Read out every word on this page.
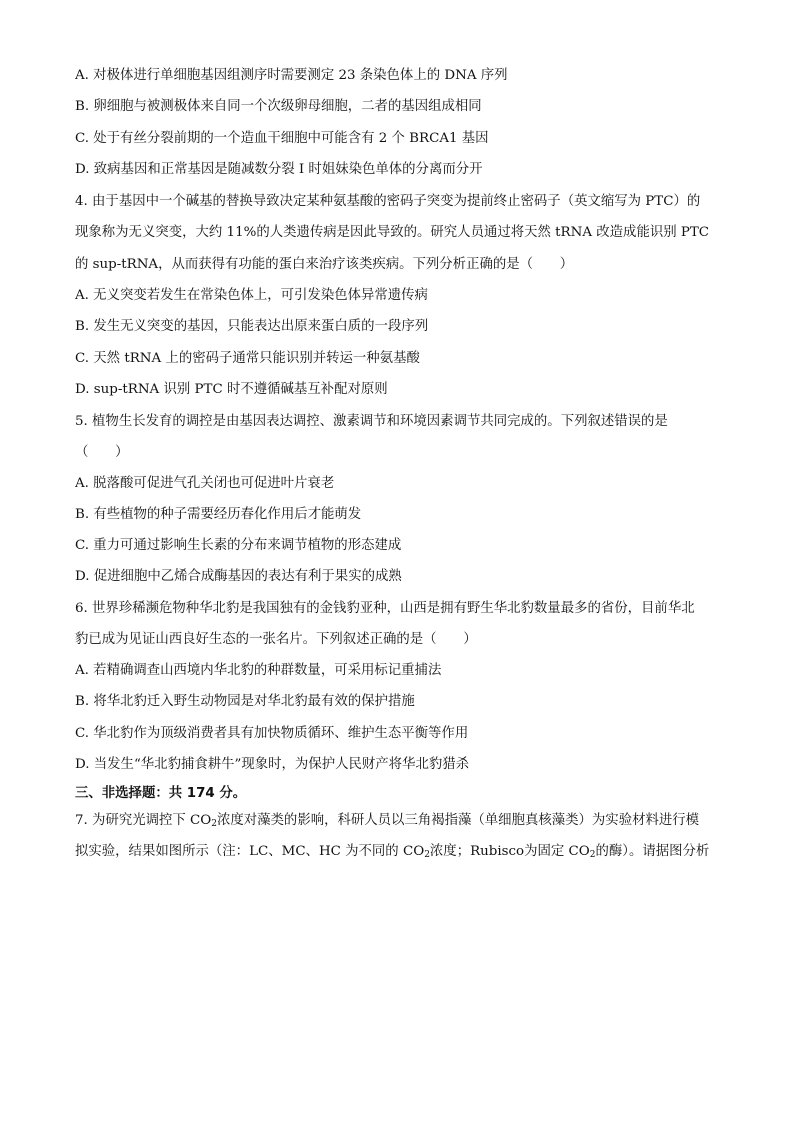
A. 对极体进行单细胞基因组测序时需要测定 23 条染色体上的 DNA 序列
B. 卵细胞与被测极体来自同一个次级卵母细胞，二者的基因组成相同
C. 处于有丝分裂前期的一个造血干细胞中可能含有 2 个 BRCA1 基因
D. 致病基因和正常基因是随减数分裂 I 时姐妹染色单体的分离而分开
4. 由于基因中一个碱基的替换导致决定某种氨基酸的密码子突变为提前终止密码子（英文缩写为 PTC）的
现象称为无义突变，大约 11%的人类遗传病是因此导致的。研究人员通过将天然 tRNA 改造成能识别 PTC
的 sup-tRNA，从而获得有功能的蛋白来治疗该类疾病。下列分析正确的是（　　）
A. 无义突变若发生在常染色体上，可引发染色体异常遗传病
B. 发生无义突变的基因，只能表达出原来蛋白质的一段序列
C. 天然 tRNA 上的密码子通常只能识别并转运一种氨基酸
D. sup-tRNA 识别 PTC 时不遵循碱基互补配对原则
5. 植物生长发育的调控是由基因表达调控、激素调节和环境因素调节共同完成的。下列叙述错误的是
（　　）
A. 脱落酸可促进气孔关闭也可促进叶片衰老
B. 有些植物的种子需要经历春化作用后才能萌发
C. 重力可通过影响生长素的分布来调节植物的形态建成
D. 促进细胞中乙烯合成酶基因的表达有利于果实的成熟
6. 世界珍稀濒危物种华北豹是我国独有的金钱豹亚种，山西是拥有野生华北豹数量最多的省份，目前华北
豹已成为见证山西良好生态的一张名片。下列叙述正确的是（　　）
A. 若精确调查山西境内华北豹的种群数量，可采用标记重捕法
B. 将华北豹迁入野生动物园是对华北豹最有效的保护措施
C. 华北豹作为顶级消费者具有加快物质循环、维护生态平衡等作用
D. 当发生“华北豹捕食耕牛”现象时，为保护人民财产将华北豹猎杀
三、非选择题：共 174 分。
7. 为研究光调控下 $CO_2$浓度对藻类的影响，科研人员以三角褐指藻（单细胞真核藻类）为实验材料进行模
拟实验，结果如图所示（注：LC、MC、HC 为不同的 $CO_2$浓度；Rubisco为固定 $CO_2$的酶）。请据图分析
